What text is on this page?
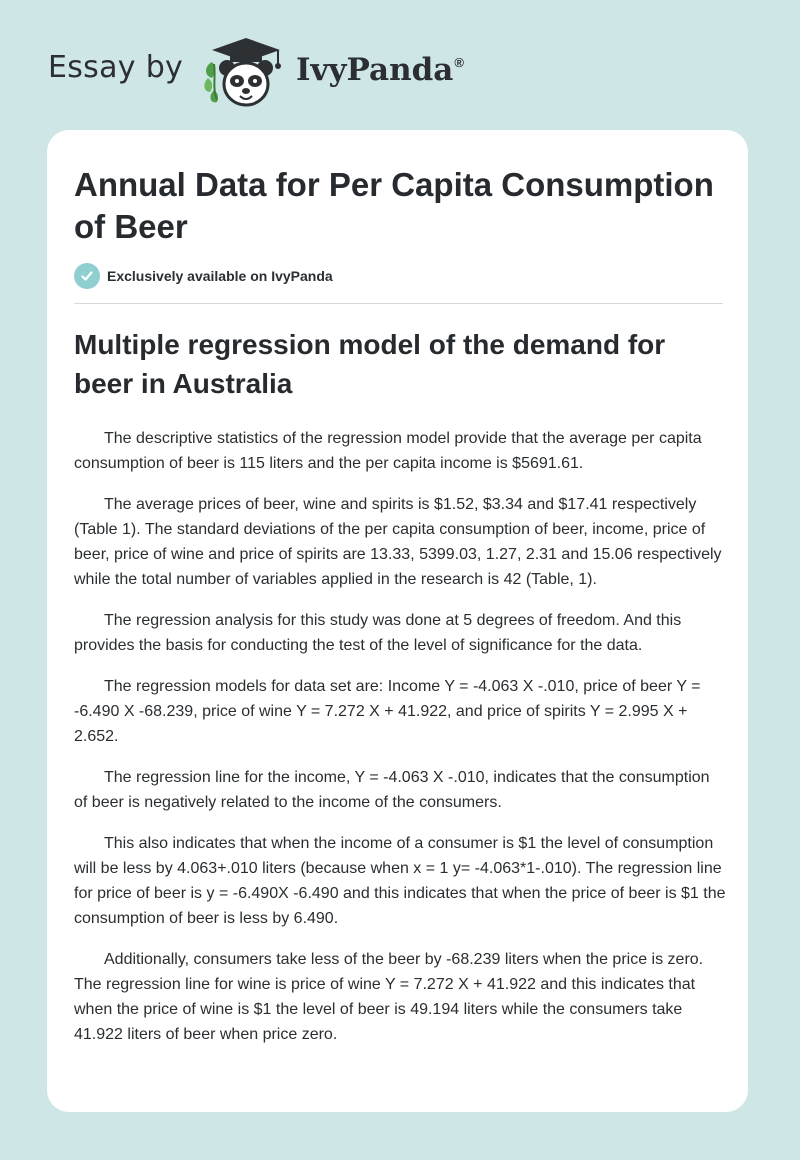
Essay by	IvyPanda®
Annual Data for Per Capita Consumption of Beer
Exclusively available on IvyPanda
Multiple regression model of the demand for beer in Australia

The descriptive statistics of the regression model provide that the average per capita consumption of beer is 115 liters and the per capita income is $5691.61.

The average prices of beer, wine and spirits is $1.52, $3.34 and $17.41 respectively (Table 1). The standard deviations of the per capita consumption of beer, income, price of beer, price of wine and price of spirits are 13.33, 5399.03, 1.27, 2.31 and 15.06 respectively while the total number of variables applied in the research is 42 (Table, 1).

The regression analysis for this study was done at 5 degrees of freedom. And this provides the basis for conducting the test of the level of significance for the data.

The regression models for data set are: Income Y = -4.063 X -.010, price of beer Y = -6.490 X -68.239, price of wine Y = 7.272 X + 41.922, and price of spirits Y = 2.995 X + 2.652.

The regression line for the income, Y = -4.063 X -.010, indicates that the consumption of beer is negatively related to the income of the consumers.

This also indicates that when the income of a consumer is $1 the level of consumption will be less by 4.063+.010 liters (because when x = 1 y= -4.063*1-.010). The regression line for price of beer is y = -6.490X -6.490 and this indicates that when the price of beer is $1 the consumption of beer is less by 6.490.

Additionally, consumers take less of the beer by -68.239 liters when the price is zero. The regression line for wine is price of wine Y = 7.272 X + 41.922 and this indicates that when the price of wine is $1 the level of beer is 49.194 liters while the consumers take 41.922 liters of beer when price zero.
